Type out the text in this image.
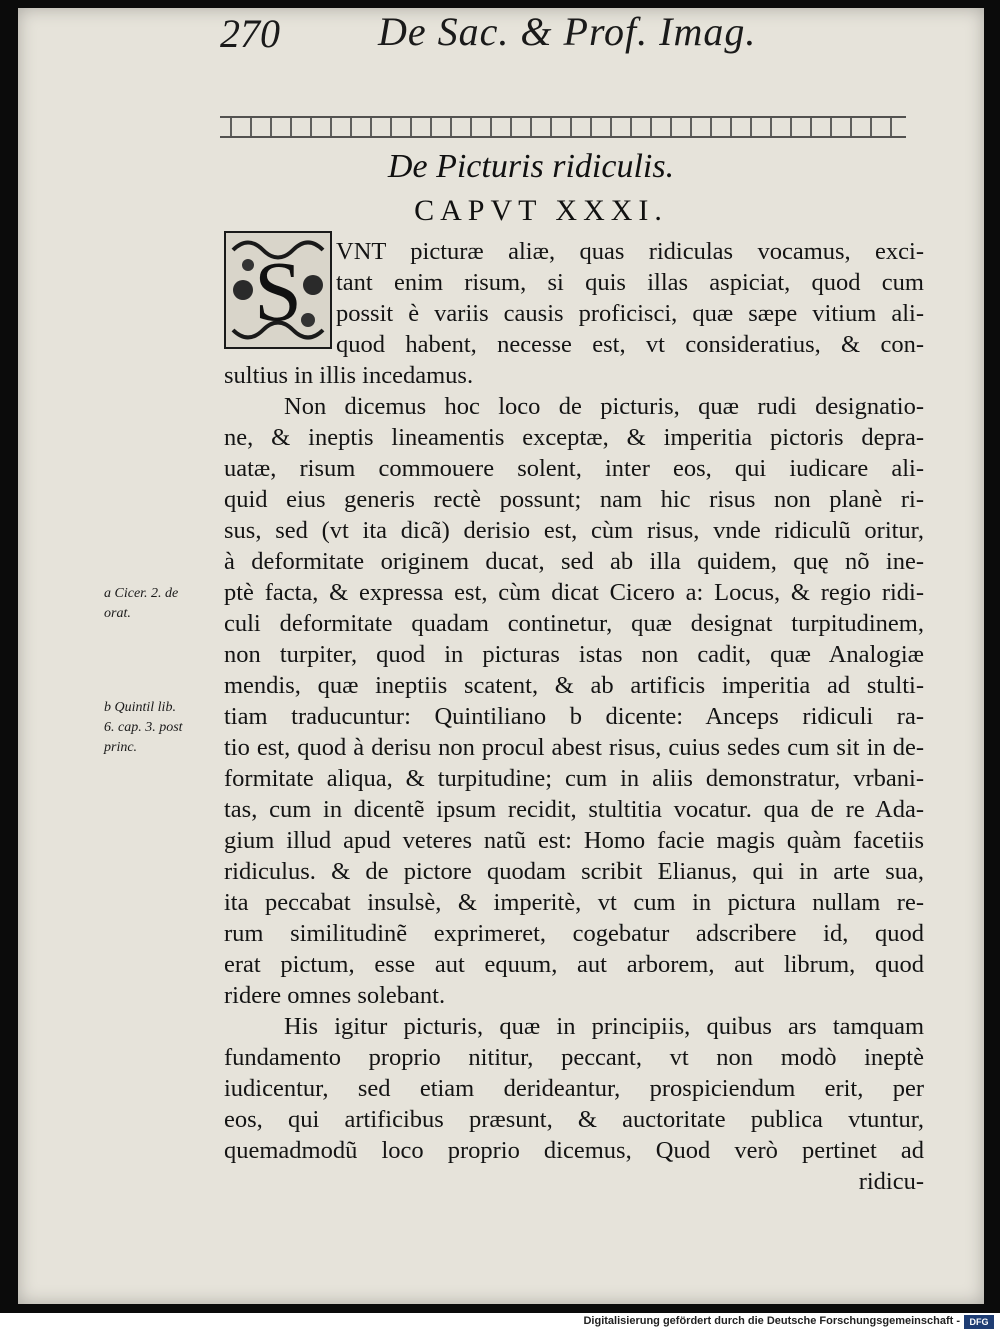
270 De Sac. & Prof. Imag.
De Picturis ridiculis.
CAPVT XXXI.
S	VNT picturæ aliæ, quas ridiculas vocamus, exci-
tant enim risum, si quis illas aspiciat, quod cum
possit è variis causis proficisci, quæ sæpe vitium ali-
quod habent, necesse est, vt consideratius, & con-
sultius in illis incedamus.
Non dicemus hoc loco de picturis, quæ rudi designatio-
ne, & ineptis lineamentis exceptæ, & imperitia pictoris depra-
uatæ, risum commouere solent, inter eos, qui iudicare ali-
quid eius generis rectè possunt; nam hic risus non planè ri-
sus, sed (vt ita dicã) derisio est, cùm risus, vnde ridiculũ oritur,
à deformitate originem ducat, sed ab illa quidem, quę nõ ine-
ptè facta, & expressa est, cùm dicat Cicero a: Locus, & regio ridi-
culi deformitate quadam continetur, quæ designat turpitudinem,
non turpiter, quod in picturas istas non cadit, quæ Analogiæ
mendis, quæ ineptiis scatent, & ab artificis imperitia ad stulti-
tiam traducuntur: Quintiliano b dicente: Anceps ridiculi ra-
tio est, quod à derisu non procul abest risus, cuius sedes cum sit in de-
formitate aliqua, & turpitudine; cum in aliis demonstratur, vrbani-
tas, cum in dicentẽ ipsum recidit, stultitia vocatur. qua de re Ada-
gium illud apud veteres natũ est: Homo facie magis quàm facetiis
ridiculus. & de pictore quodam scribit Elianus, qui in arte sua,
ita peccabat insulsè, & imperitè, vt cum in pictura nullam re-
rum similitudinẽ exprimeret, cogebatur adscribere id, quod
erat pictum, esse aut equum, aut arborem, aut librum, quod
ridere omnes solebant.
His igitur picturis, quæ in principiis, quibus ars tamquam
fundamento proprio nititur, peccant, vt non modò ineptè
iudicentur, sed etiam derideantur, prospiciendum erit, per
eos, qui artificibus præsunt, & auctoritate publica vtuntur,
quemadmodũ loco proprio dicemus, Quod verò pertinet ad
ridicu-
a Cicer. 2. de
orat.
b Quintil lib.
6. cap. 3. post
princ.
Digitalisierung gefördert durch die Deutsche Forschungsgemeinschaft -	DFG
